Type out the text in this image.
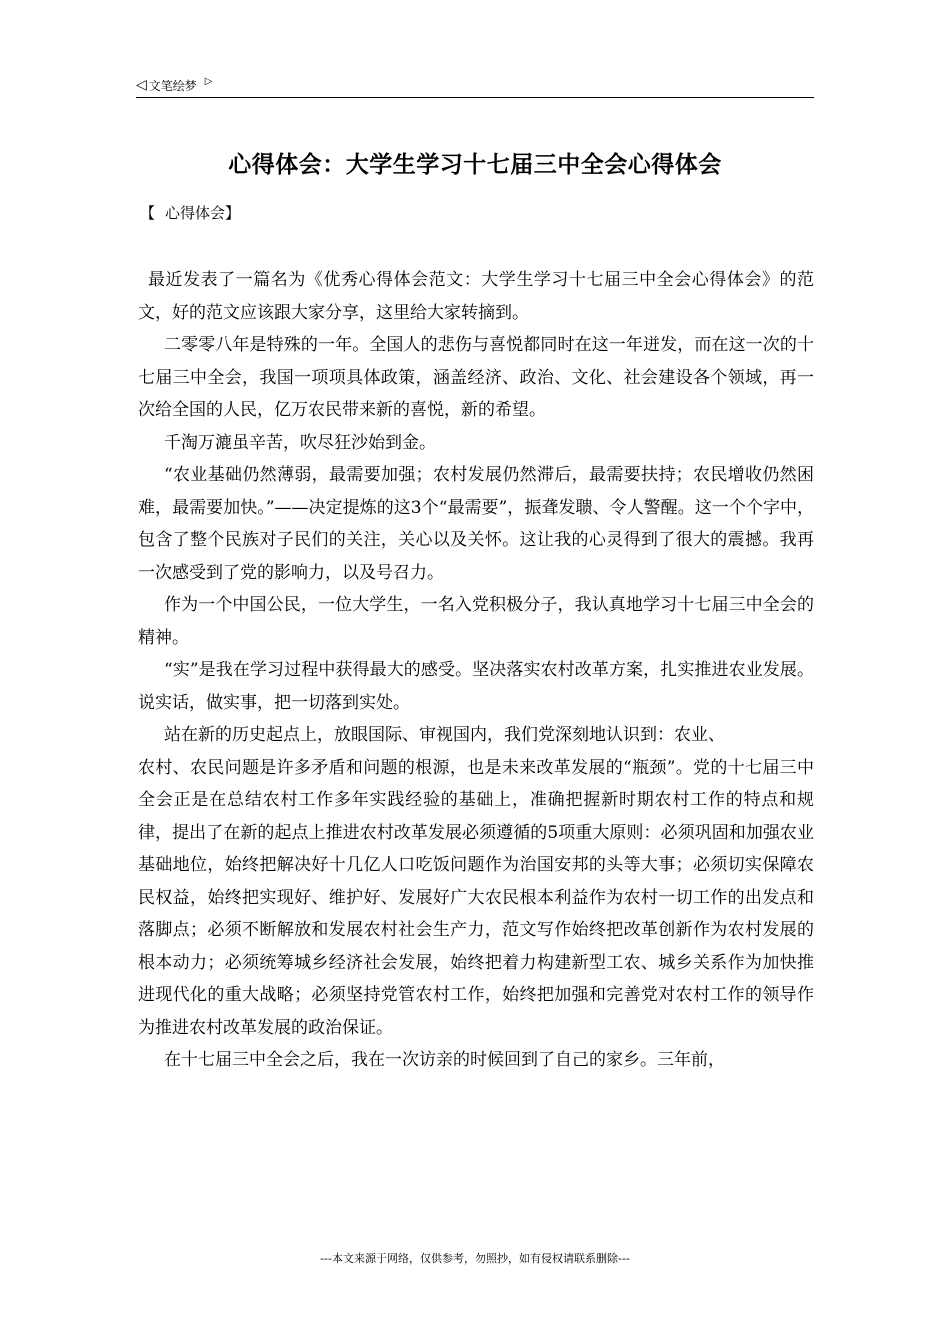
◁ 文笔绘梦 ▷
心得体会：大学生学习十七届三中全会心得体会
【 心得体会】

最近发表了一篇名为《优秀心得体会范文：大学生学习十七届三中全会心得体会》的范文，好的范文应该跟大家分享，这里给大家转摘到。

二零零八年是特殊的一年。全国人的悲伤与喜悦都同时在这一年迸发，而在这一次的十七届三中全会，我国一项项具体政策，涵盖经济、政治、文化、社会建设各个领域，再一次给全国的人民，亿万农民带来新的喜悦，新的希望。

千淘万漉虽辛苦，吹尽狂沙始到金。

“农业基础仍然薄弱，最需要加强；农村发展仍然滞后，最需要扶持；农民增收仍然困难，最需要加快。”——决定提炼的这3个“最需要”，振聋发聩、令人警醒。这一个个字中，包含了整个民族对子民们的关注，关心以及关怀。这让我的心灵得到了很大的震撼。我再一次感受到了党的影响力，以及号召力。

作为一个中国公民，一位大学生，一名入党积极分子，我认真地学习十七届三中全会的精神。

“实”是我在学习过程中获得最大的感受。坚决落实农村改革方案，扎实推进农业发展。说实话，做实事，把一切落到实处。

站在新的历史起点上，放眼国际、审视国内，我们党深刻地认识到：农业、

农村、农民问题是许多矛盾和问题的根源，也是未来改革发展的“瓶颈”。党的十七届三中全会正是在总结农村工作多年实践经验的基础上，准确把握新时期农村工作的特点和规律，提出了在新的起点上推进农村改革发展必须遵循的5项重大原则：必须巩固和加强农业基础地位，始终把解决好十几亿人口吃饭问题作为治国安邦的头等大事；必须切实保障农民权益，始终把实现好、维护好、发展好广大农民根本利益作为农村一切工作的出发点和落脚点；必须不断解放和发展农村社会生产力，范文写作始终把改革创新作为农村发展的根本动力；必须统筹城乡经济社会发展，始终把着力构建新型工农、城乡关系作为加快推进现代化的重大战略；必须坚持党管农村工作，始终把加强和完善党对农村工作的领导作为推进农村改革发展的政治保证。

在十七届三中全会之后，我在一次访亲的时候回到了自己的家乡。三年前，

---本文来源于网络，仅供参考，勿照抄，如有侵权请联系删除---
